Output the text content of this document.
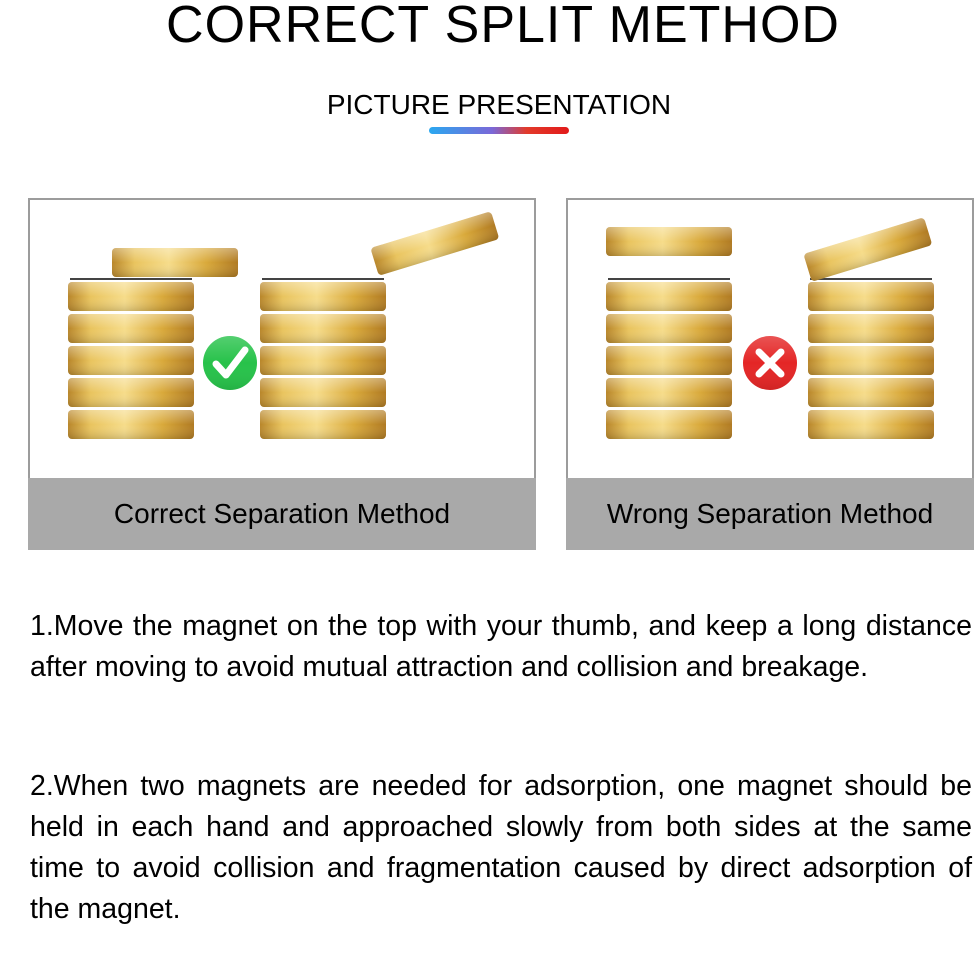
CORRECT SPLIT METHOD
PICTURE PRESENTATION
Correct Separation Method	Wrong Separation Method

1.Move the magnet on the top with your thumb, and keep a long distance after moving to avoid mutual attraction and collision and breakage.

2.When two magnets are needed for adsorption, one magnet should be held in each hand and approached slowly from both sides at the same time to avoid collision and fragmentation caused by direct adsorption of the magnet.
